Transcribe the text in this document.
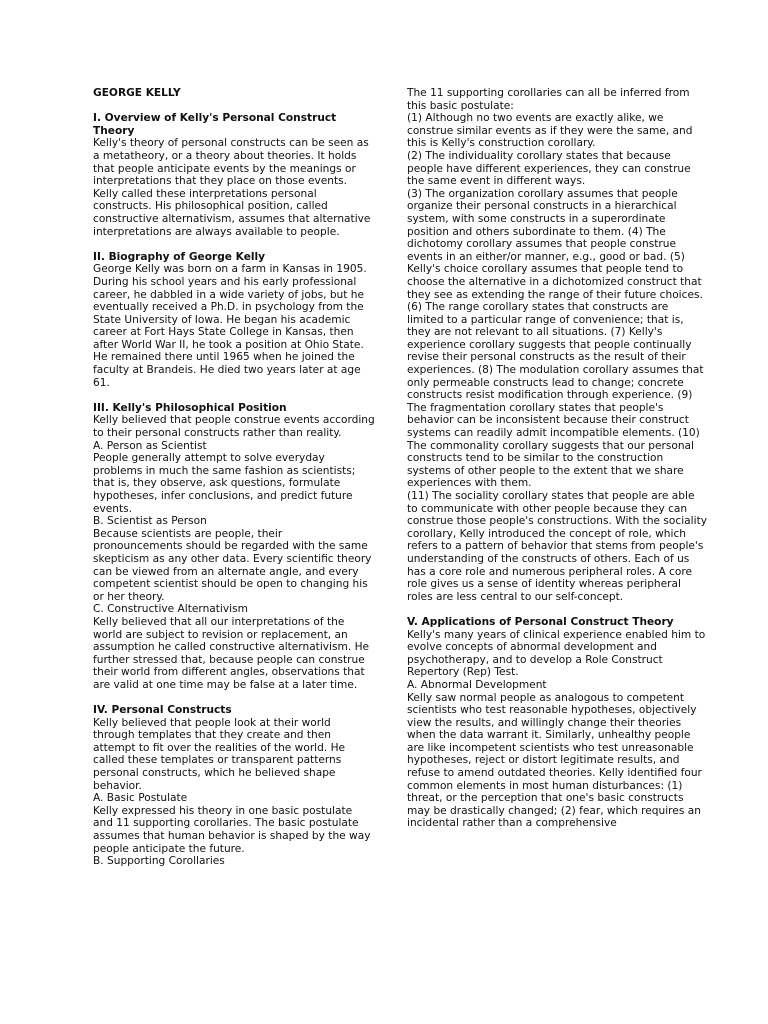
GEORGE KELLY

I. Overview of Kelly's Personal Construct Theory

Kelly's theory of personal constructs can be seen as a metatheory, or a theory about theories. It holds that people anticipate events by the meanings or interpretations that they place on those events. Kelly called these interpretations personal constructs. His philosophical position, called constructive alternativism, assumes that alternative interpretations are always available to people.

II. Biography of George Kelly

George Kelly was born on a farm in Kansas in 1905. During his school years and his early professional career, he dabbled in a wide variety of jobs, but he eventually received a Ph.D. in psychology from the State University of Iowa. He began his academic career at Fort Hays State College in Kansas, then after World War II, he took a position at Ohio State. He remained there until 1965 when he joined the faculty at Brandeis. He died two years later at age 61.

III. Kelly's Philosophical Position

Kelly believed that people construe events according to their personal constructs rather than reality.

A. Person as Scientist

People generally attempt to solve everyday problems in much the same fashion as scientists; that is, they observe, ask questions, formulate hypotheses, infer conclusions, and predict future events.

B. Scientist as Person

Because scientists are people, their pronouncements should be regarded with the same skepticism as any other data. Every scientific theory can be viewed from an alternate angle, and every competent scientist should be open to changing his or her theory.

C. Constructive Alternativism

Kelly believed that all our interpretations of the world are subject to revision or replacement, an assumption he called constructive alternativism. He further stressed that, because people can construe their world from different angles, observations that are valid at one time may be false at a later time.

IV. Personal Constructs

Kelly believed that people look at their world through templates that they create and then attempt to fit over the realities of the world. He called these templates or transparent patterns personal constructs, which he believed shape behavior.

A. Basic Postulate

Kelly expressed his theory in one basic postulate and 11 supporting corollaries. The basic postulate assumes that human behavior is shaped by the way people anticipate the future.

B. Supporting Corollaries

The 11 supporting corollaries can all be inferred from this basic postulate:

(1) Although no two events are exactly alike, we construe similar events as if they were the same, and this is Kelly's construction corollary.

(2) The individuality corollary states that because people have different experiences, they can construe the same event in different ways.

(3) The organization corollary assumes that people organize their personal constructs in a hierarchical system, with some constructs in a superordinate position and others subordinate to them. (4) The dichotomy corollary assumes that people construe events in an either/or manner, e.g., good or bad. (5) Kelly's choice corollary assumes that people tend to choose the alternative in a dichotomized construct that they see as extending the range of their future choices. (6) The range corollary states that constructs are limited to a particular range of convenience; that is, they are not relevant to all situations. (7) Kelly's experience corollary suggests that people continually revise their personal constructs as the result of their experiences. (8) The modulation corollary assumes that only permeable constructs lead to change; concrete constructs resist modification through experience. (9) The fragmentation corollary states that people's behavior can be inconsistent because their construct systems can readily admit incompatible elements. (10) The commonality corollary suggests that our personal constructs tend to be similar to the construction systems of other people to the extent that we share experiences with them.

(11) The sociality corollary states that people are able to communicate with other people because they can construe those people's constructions. With the sociality corollary, Kelly introduced the concept of role, which refers to a pattern of behavior that stems from people's understanding of the constructs of others. Each of us has a core role and numerous peripheral roles. A core role gives us a sense of identity whereas peripheral roles are less central to our self-concept.

V. Applications of Personal Construct Theory

Kelly's many years of clinical experience enabled him to evolve concepts of abnormal development and psychotherapy, and to develop a Role Construct Repertory (Rep) Test.

A. Abnormal Development

Kelly saw normal people as analogous to competent scientists who test reasonable hypotheses, objectively view the results, and willingly change their theories when the data warrant it. Similarly, unhealthy people are like incompetent scientists who test unreasonable hypotheses, reject or distort legitimate results, and refuse to amend outdated theories. Kelly identified four common elements in most human disturbances: (1) threat, or the perception that one's basic constructs may be drastically changed; (2) fear, which requires an incidental rather than a comprehensive
